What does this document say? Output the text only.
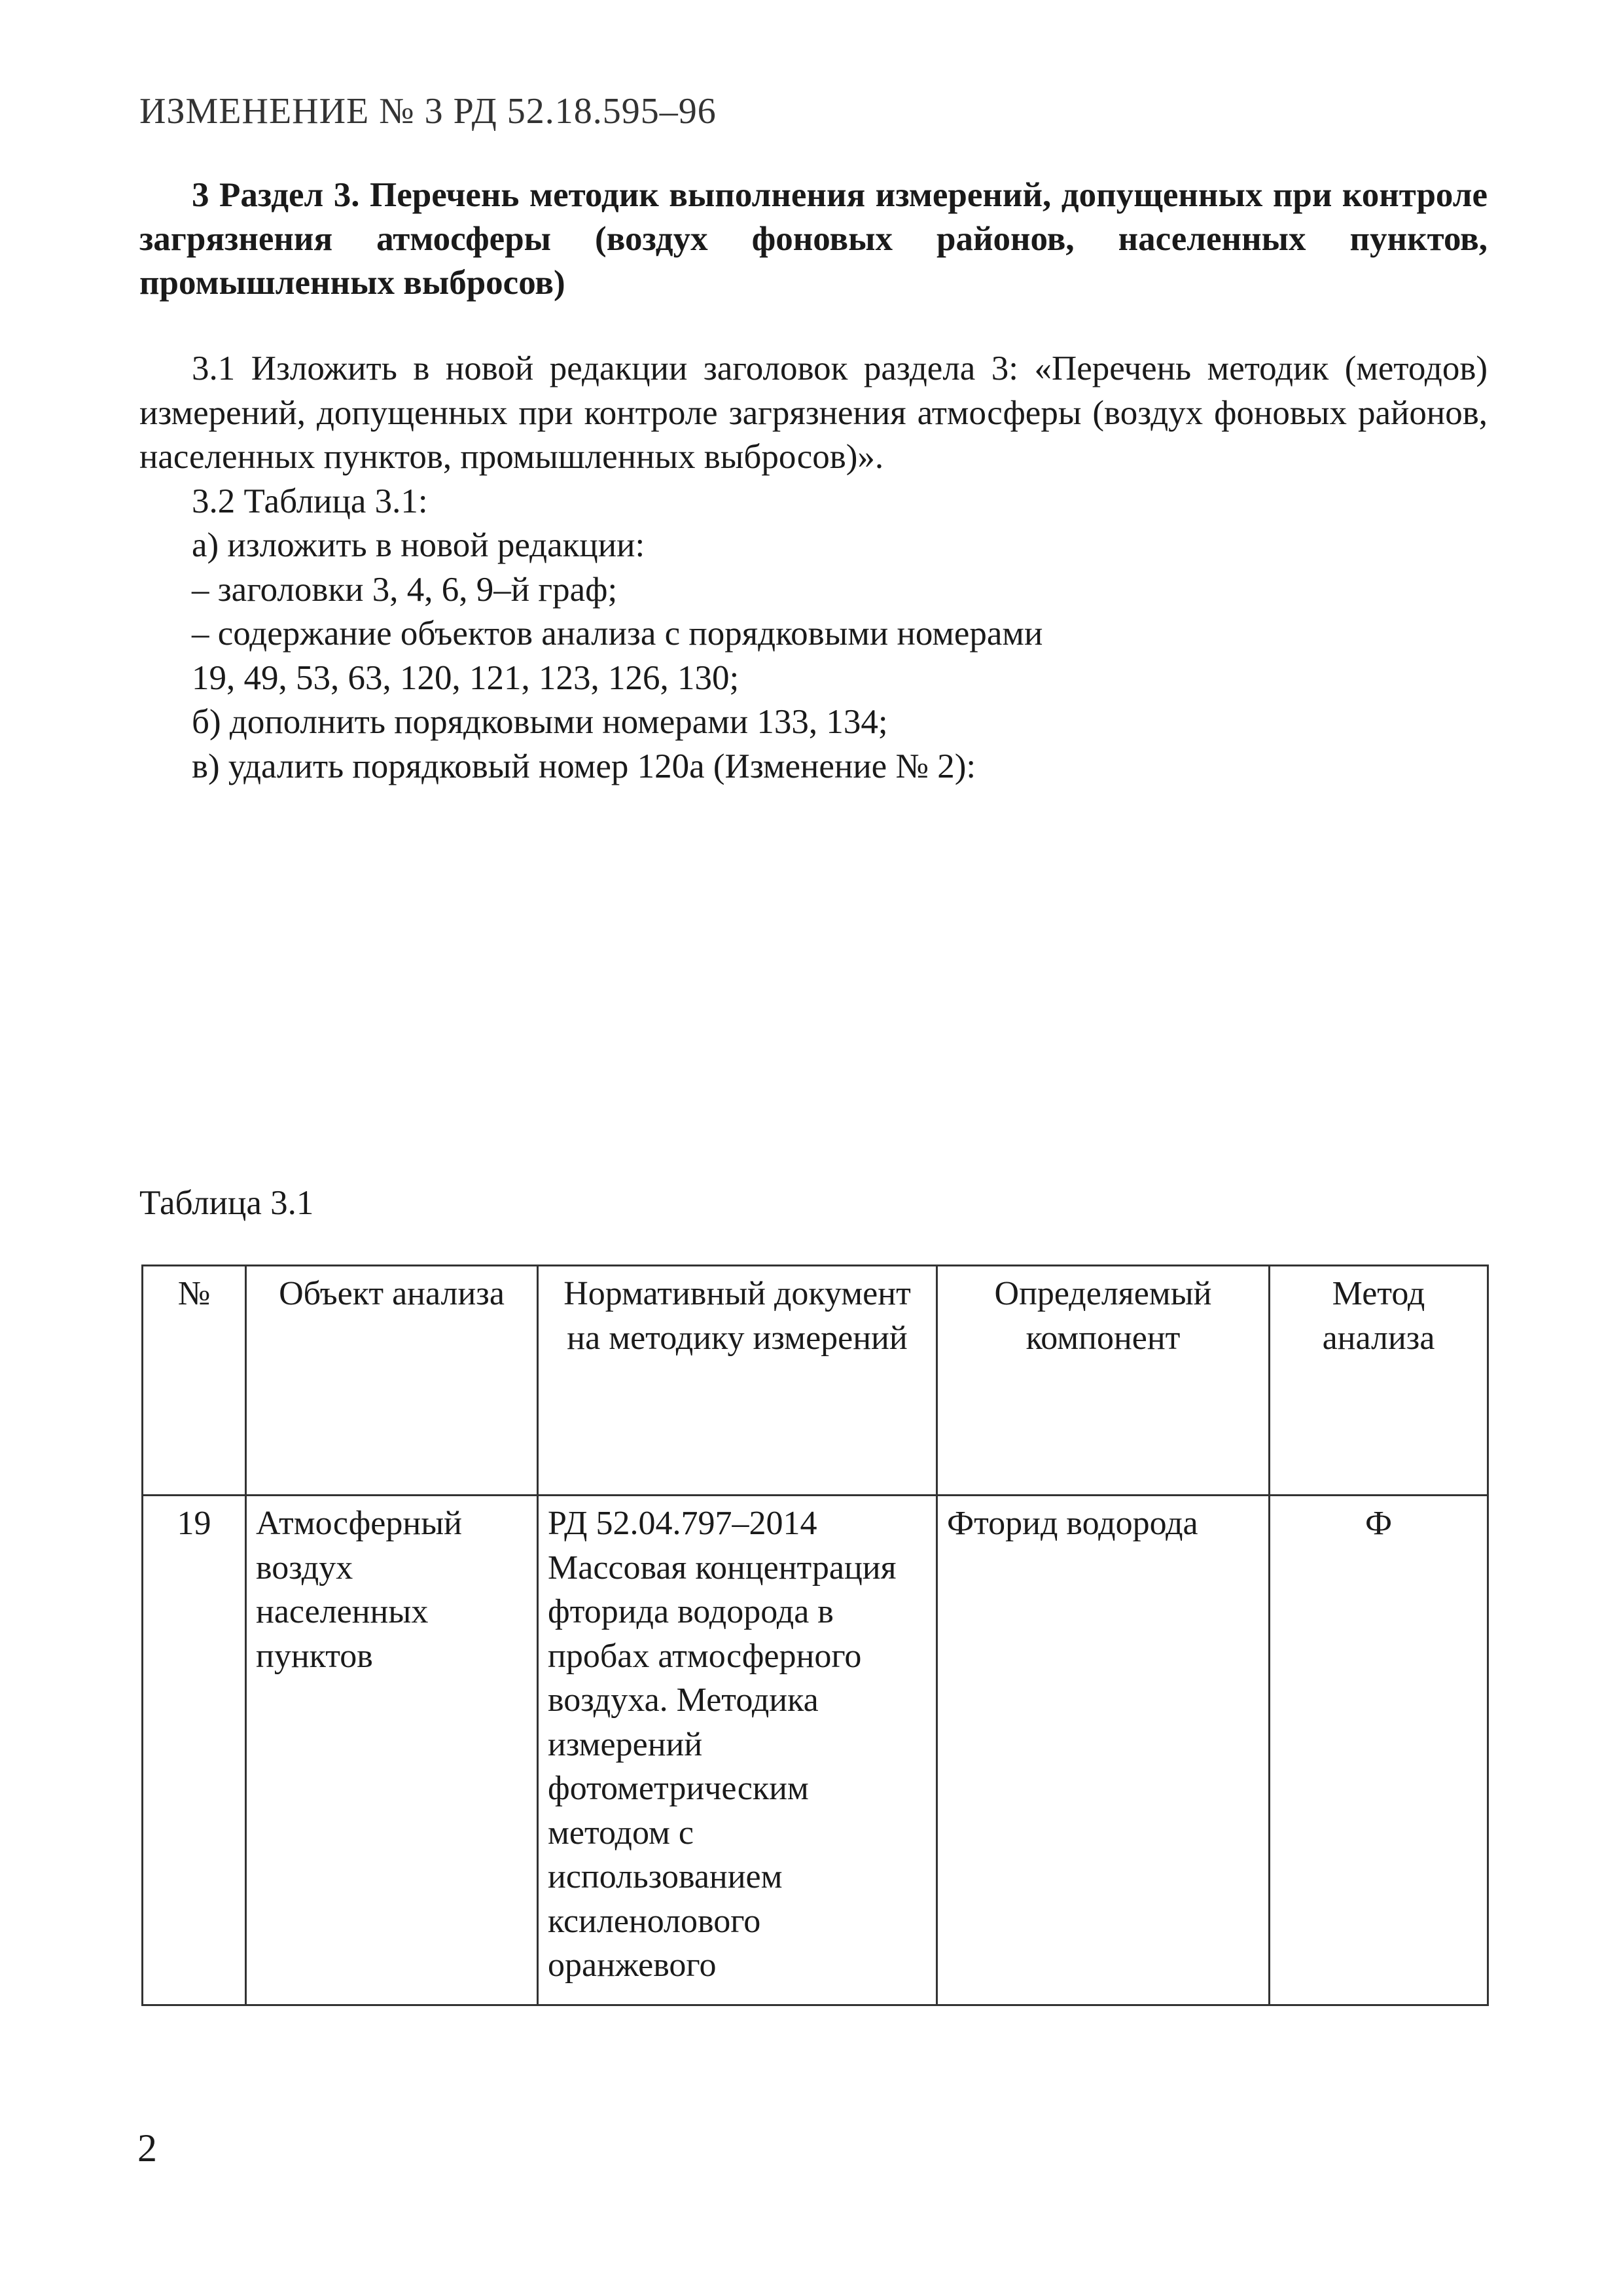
ИЗМЕНЕНИЕ № 3 РД 52.18.595–96

3 Раздел 3. Перечень методик выполнения измерений, допущенных при контроле загрязнения атмосферы (воздух фоновых районов, населенных пунктов, промышленных выбросов)

3.1 Изложить в новой редакции заголовок раздела 3: «Перечень методик (методов) измерений, допущенных при контроле загрязнения атмосферы (воздух фоновых районов, населенных пунктов, промышленных выбросов)».

3.2 Таблица 3.1:

а) изложить в новой редакции:

– заголовки 3, 4, 6, 9–й граф;

– содержание объектов анализа с порядковыми номерами

19, 49, 53, 63, 120, 121, 123, 126, 130;

б) дополнить порядковыми номерами 133, 134;

в) удалить порядковый номер 120а (Изменение № 2):

Таблица 3.1
№	Объект анализа	Нормативный документ на методику измерений	Определяемый компонент	Метод анализа
19	Атмосферный воздух населенных пунктов	РД 52.04.797–2014 Массовая концентрация фторида водорода в пробах атмосферного воздуха. Методика измерений фотометрическим методом с использованием ксиленолового оранжевого	Фторид водорода	Ф
2
